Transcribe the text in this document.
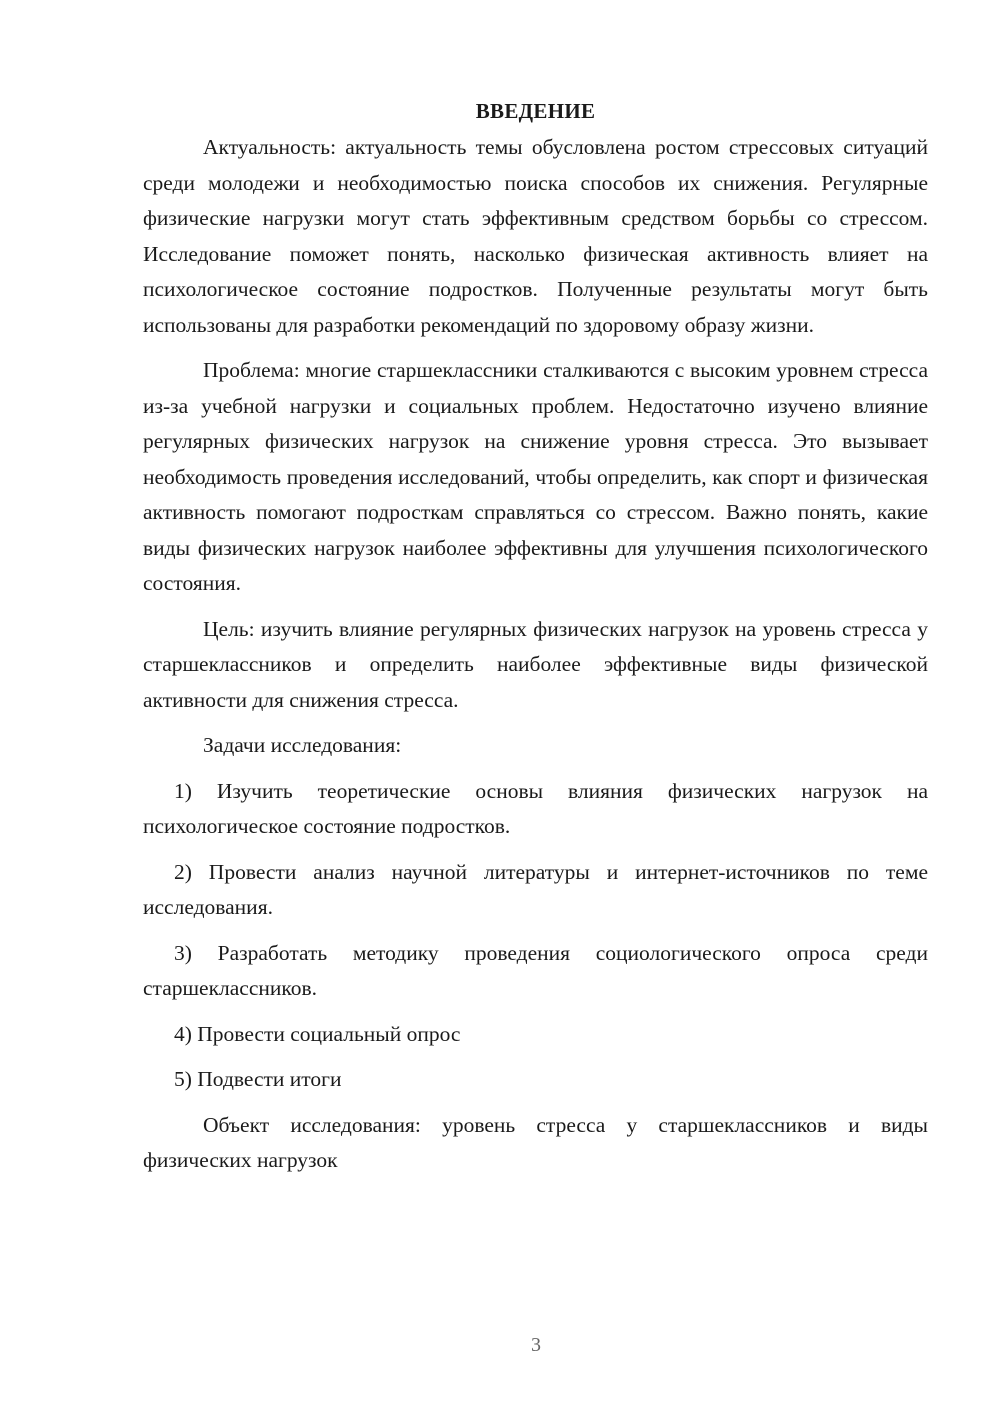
ВВЕДЕНИЕ

Актуальность: актуальность темы обусловлена ростом стрессовых ситуаций среди молодежи и необходимостью поиска способов их снижения. Регулярные физические нагрузки могут стать эффективным средством борьбы со стрессом. Исследование поможет понять, насколько физическая активность влияет на психологическое состояние подростков. Полученные результаты могут быть использованы для разработки рекомендаций по здоровому образу жизни.

Проблема: многие старшеклассники сталкиваются с высоким уровнем стресса из-за учебной нагрузки и социальных проблем. Недостаточно изучено влияние регулярных физических нагрузок на снижение уровня стресса. Это вызывает необходимость проведения исследований, чтобы определить, как спорт и физическая активность помогают подросткам справляться со стрессом. Важно понять, какие виды физических нагрузок наиболее эффективны для улучшения психологического состояния.

Цель: изучить влияние регулярных физических нагрузок на уровень стресса у старшеклассников и определить наиболее эффективные виды физической активности для снижения стресса.

Задачи исследования:

1) Изучить теоретические основы влияния физических нагрузок на психологическое состояние подростков.

2) Провести анализ научной литературы и интернет-источников по теме исследования.

3) Разработать методику проведения социологического опроса среди старшеклассников.

4) Провести социальный опрос

5) Подвести итоги

Объект исследования: уровень стресса у старшеклассников и виды физических нагрузок

3
